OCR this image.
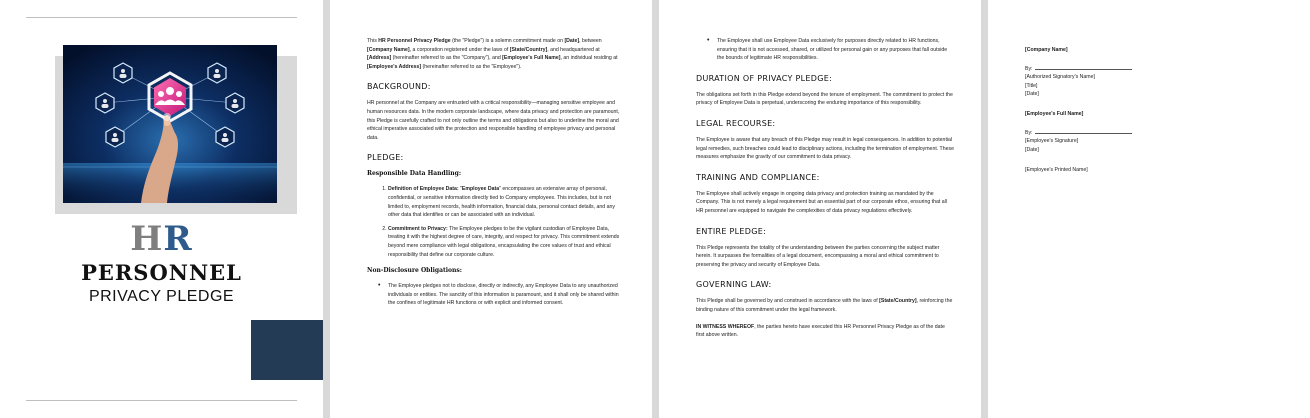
HR
PERSONNEL
PRIVACY PLEDGE

This HR Personnel Privacy Pledge (the "Pledge") is a solemn commitment made on [Date], between [Company Name], a corporation registered under the laws of [State/Country], and headquartered at [Address] (hereinafter referred to as the "Company"), and [Employee's Full Name], an individual residing at [Employee's Address] (hereinafter referred to as the "Employee").

BACKGROUND:

HR personnel at the Company are entrusted with a critical responsibility—managing sensitive employee and human resources data. In the modern corporate landscape, where data privacy and protection are paramount, this Pledge is carefully crafted to not only outline the terms and obligations but also to underline the moral and ethical imperative associated with the protection and responsible handling of employee privacy and personal data.

PLEDGE:
Responsible Data Handling:
1. Definition of Employee Data: "Employee Data" encompasses an extensive array of personal, confidential, or sensitive information directly tied to Company employees. This includes, but is not limited to, employment records, health information, financial data, personal contact details, and any other data that identifies or can be associated with an individual.
2. Commitment to Privacy: The Employee pledges to be the vigilant custodian of Employee Data, treating it with the highest degree of care, integrity, and respect for privacy. This commitment extends beyond mere compliance with legal obligations, encapsulating the core values of trust and ethical responsibility that define our corporate culture.
Non-Disclosure Obligations:
• The Employee pledges not to disclose, directly or indirectly, any Employee Data to any unauthorized individuals or entities. The sanctity of this information is paramount, and it shall only be shared within the confines of legitimate HR functions or with explicit and informed consent.
• The Employee shall use Employee Data exclusively for purposes directly related to HR functions, ensuring that it is not accessed, shared, or utilized for personal gain or any purposes that fall outside the bounds of legitimate HR responsibilities.
DURATION OF PRIVACY PLEDGE:

The obligations set forth in this Pledge extend beyond the tenure of employment. The commitment to protect the privacy of Employee Data is perpetual, underscoring the enduring importance of this responsibility.

LEGAL RECOURSE:

The Employee is aware that any breach of this Pledge may result in legal consequences. In addition to potential legal remedies, such breaches could lead to disciplinary actions, including the termination of employment. These measures emphasize the gravity of our commitment to data privacy.

TRAINING AND COMPLIANCE:

The Employee shall actively engage in ongoing data privacy and protection training as mandated by the Company. This is not merely a legal requirement but an essential part of our corporate ethos, ensuring that all HR personnel are equipped to navigate the complexities of data privacy regulations effectively.

ENTIRE PLEDGE:

This Pledge represents the totality of the understanding between the parties concerning the subject matter herein. It surpasses the formalities of a legal document, encompassing a moral and ethical commitment to preserving the privacy and security of Employee Data.

GOVERNING LAW:

This Pledge shall be governed by and construed in accordance with the laws of [State/Country], reinforcing the binding nature of this commitment under the legal framework.

IN WITNESS WHEREOF, the parties hereto have executed this HR Personnel Privacy Pledge as of the date first above written.

[Company Name]
By:
[Authorized Signatory's Name]
[Title]
[Date]
[Employee's Full Name]
By:
[Employee's Signature]
[Date]
[Employee's Printed Name]
